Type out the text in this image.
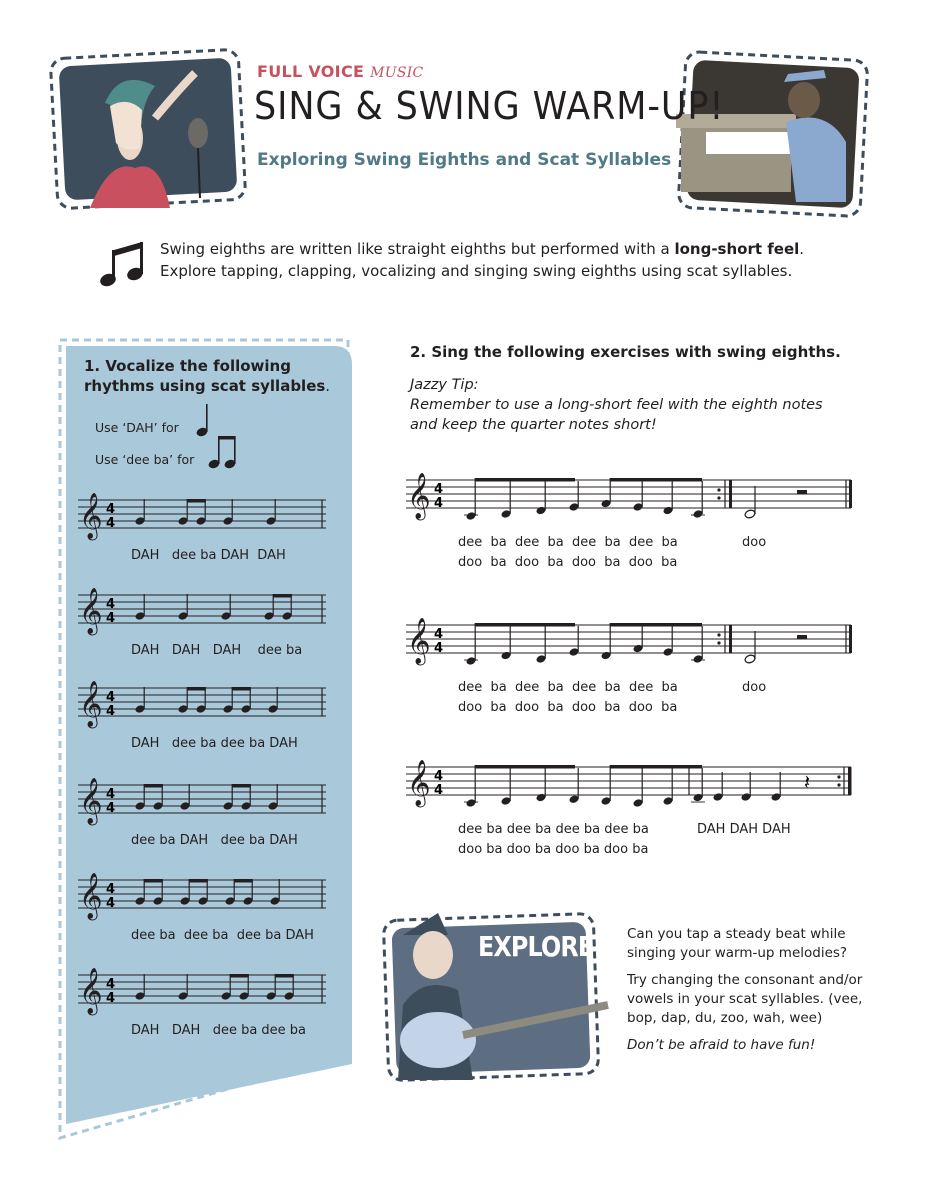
FULL VOICE MUSIC
SING & SWING WARM-UP!
Exploring Swing Eighths and Scat Syllables
Swing eighths are written like straight eighths but performed with a long-short feel.
Explore tapping, clapping, vocalizing and singing swing eighths using scat syllables.
1. Vocalize the following
rhythms using scat syllables.
Use ‘DAH’ for
Use ‘dee ba’ for
𝄞 4
4
DAH   dee ba DAH  DAH
𝄞 4
4
DAH   DAH   DAH    dee ba
𝄞 4
4
DAH   dee ba dee ba DAH
𝄞 4
4
dee ba DAH   dee ba DAH
𝄞 4
4
dee ba  dee ba  dee ba DAH
𝄞 4
4
DAH   DAH   dee ba dee ba
2. Sing the following exercises with swing eighths.
Jazzy Tip:
Remember to use a long-short feel with the eighth notes
and keep the quarter notes short!
𝄞 4
4
dee  ba  dee  ba  dee  ba  dee  ba
doo  ba  doo  ba  doo  ba  doo  ba
doo
𝄞 4
4
dee  ba  dee  ba  dee  ba  dee  ba
doo  ba  doo  ba  doo  ba  doo  ba
doo
𝄞 4
4	𝄽
dee ba dee ba dee ba dee ba
doo ba doo ba doo ba doo ba
DAH DAH DAH
EXPLORE	Can you tap a steady beat while singing your warm-up melodies?

Try changing the consonant and/or vowels in your scat syllables. (vee, bop, dap, du, zoo, wah, wee)

Don’t be afraid to have fun!
